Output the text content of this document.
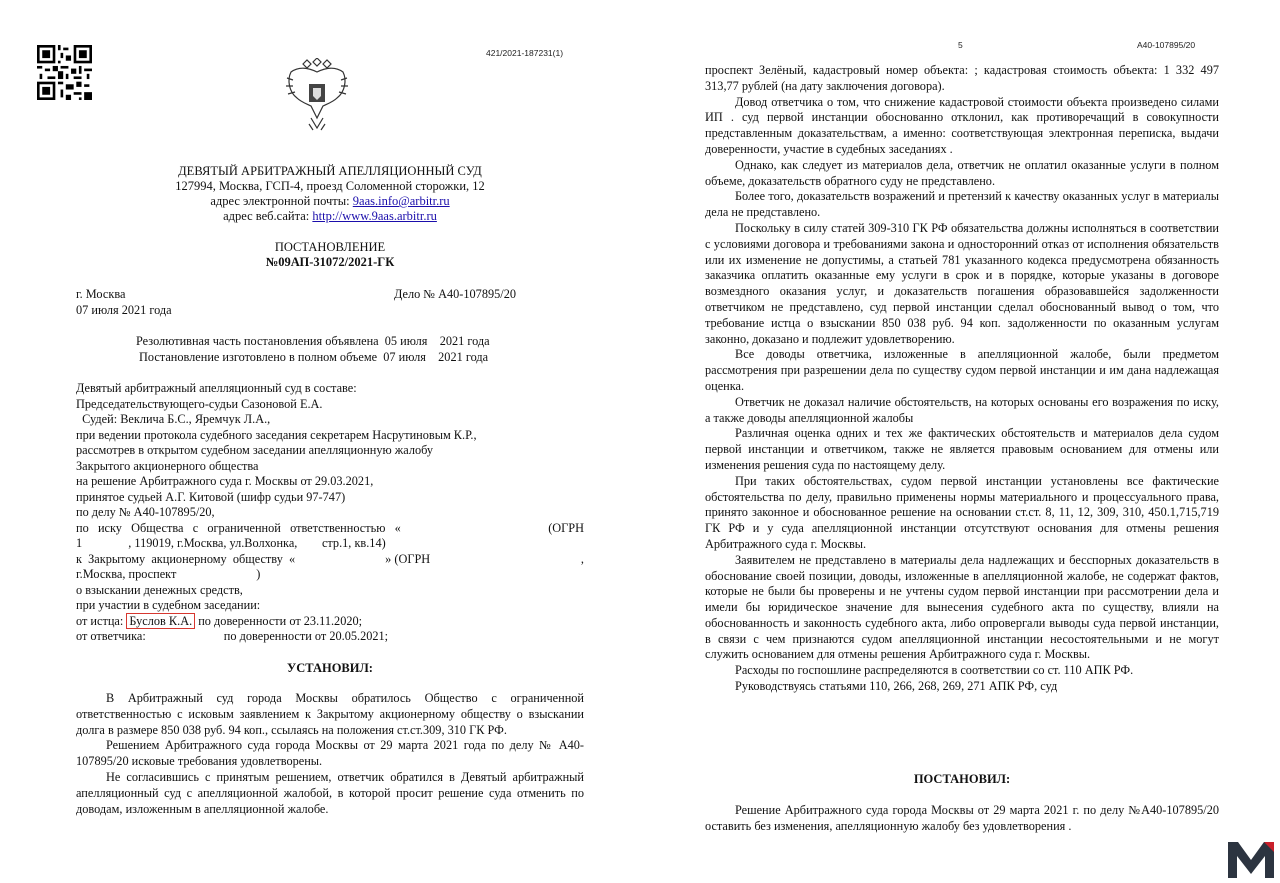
421/2021-187231(1)
ДЕВЯТЫЙ АРБИТРАЖНЫЙ АПЕЛЛЯЦИОННЫЙ СУД
127994, Москва, ГСП-4, проезд Соломенной сторожки, 12
адрес электронной почты: 9aas.info@arbitr.ru
адрес веб.сайта: http://www.9aas.arbitr.ru
ПОСТАНОВЛЕНИЕ
№09АП-31072/2021-ГК
г. Москва	Дело № А40-107895/20
07 июля 2021 года
Резолютивная часть постановления объявлена  05 июля    2021 года
Постановление изготовлено в полном объеме  07 июля    2021 года
Девятый арбитражный апелляционный суд в составе:
Председательствующего-судьи Сазоновой Е.А.
Судей: Веклича Б.С., Яремчук Л.А.,
при ведении протокола судебного заседания секретарем Насрутиновым К.Р.,
рассмотрев в открытом судебном заседании апелляционную жалобу
Закрытого акционерного общества
на решение Арбитражного суда г. Москвы от 29.03.2021,
принятое судьей А.Г. Китовой (шифр судьи 97-747)
по делу № А40-107895/20,
по   иску   Общества   с   ограниченной   ответственностью   «	(ОГРН
1               , 119019, г.Москва, ул.Волхонка,        стр.1, кв.14)
к  Закрытому  акционерному  обществу  «	» (ОГРН	,
г.Москва, проспект                          )
о взыскании денежных средств,
при участии в судебном заседании:
от истца: Буслов К.А. по доверенности от 23.11.2020;
от ответчика:	по доверенности от 20.05.2021;
УСТАНОВИЛ:

В Арбитражный суд города Москвы обратилось Общество с ограниченной ответственностью с исковым заявлением к Закрытому акционерному обществу о взыскании долга в размере 850 038 руб. 94 коп., ссылаясь на положения ст.ст.309, 310 ГК РФ.

Решением Арбитражного суда города Москвы от 29 марта 2021 года по делу № А40-107895/20 исковые требования удовлетворены.

Не согласившись с принятым решением, ответчик обратился в Девятый арбитражный апелляционный суд с апелляционной жалобой, в которой просит решение суда отменить по доводам, изложенным в апелляционной жалобе.

5	А40-107895/20

проспект Зелёный, кадастровый номер объекта: ; кадастровая стоимость объекта: 1 332 497 313,77 рублей (на дату заключения договора).

Довод ответчика о том, что снижение кадастровой стоимости объекта произведено силами ИП . суд первой инстанции обоснованно отклонил, как противоречащий в совокупности представленным доказательствам, а именно: соответствующая электронная переписка, выдачи доверенности, участие в судебных заседаниях .

Однако, как следует из материалов дела, ответчик не оплатил оказанные услуги в полном объеме, доказательств обратного суду не представлено.

Более того, доказательств возражений и претензий к качеству оказанных услуг в материалы дела не представлено.

Поскольку в силу статей 309-310 ГК РФ обязательства должны исполняться в соответствии с условиями договора и требованиями закона и односторонний отказ от исполнения обязательств или их изменение не допустимы, а статьей 781 указанного кодекса предусмотрена обязанность заказчика оплатить оказанные ему услуги в срок и в порядке, которые указаны в договоре возмездного оказания услуг, и доказательств погашения образовавшейся задолженности ответчиком не представлено, суд первой инстанции сделал обоснованный вывод о том, что требование истца о взыскании 850 038 руб. 94 коп. задолженности по оказанным услугам законно, доказано и подлежит удовлетворению.

Все доводы ответчика, изложенные в апелляционной жалобе, были предметом рассмотрения при разрешении дела по существу судом первой инстанции и им дана надлежащая оценка.

Ответчик не доказал наличие обстоятельств, на которых основаны его возражения по иску, а также доводы апелляционной жалобы

Различная оценка одних и тех же фактических обстоятельств и материалов дела судом первой инстанции и ответчиком, также не является правовым основанием для отмены или изменения решения суда по настоящему делу.

При таких обстоятельствах, судом первой инстанции установлены все фактические обстоятельства по делу, правильно применены нормы материального и процессуального права, принято законное и обоснованное решение на основании ст.ст. 8, 11, 12, 309, 310, 450.1,715,719 ГК РФ и у суда апелляционной инстанции отсутствуют основания для отмены решения Арбитражного суда г. Москвы.

Заявителем не представлено в материалы дела надлежащих и бесспорных доказательств в обоснование своей позиции, доводы, изложенные в апелляционной жалобе, не содержат фактов, которые не были бы проверены и не учтены судом первой инстанции при рассмотрении дела и имели бы юридическое значение для вынесения судебного акта по существу, влияли на обоснованность и законность судебного акта, либо опровергали выводы суда первой инстанции, в связи с чем признаются судом апелляционной инстанции несостоятельными и не могут служить основанием для отмены решения Арбитражного суда г. Москвы.

Расходы по госпошлине распределяются в соответствии со ст. 110 АПК РФ.

Руководствуясь статьями 110, 266, 268, 269, 271 АПК РФ, суд

ПОСТАНОВИЛ:

Решение Арбитражного суда города Москвы от 29 марта 2021 г. по делу №А40-107895/20 оставить без изменения, апелляционную жалобу без удовлетворения .
